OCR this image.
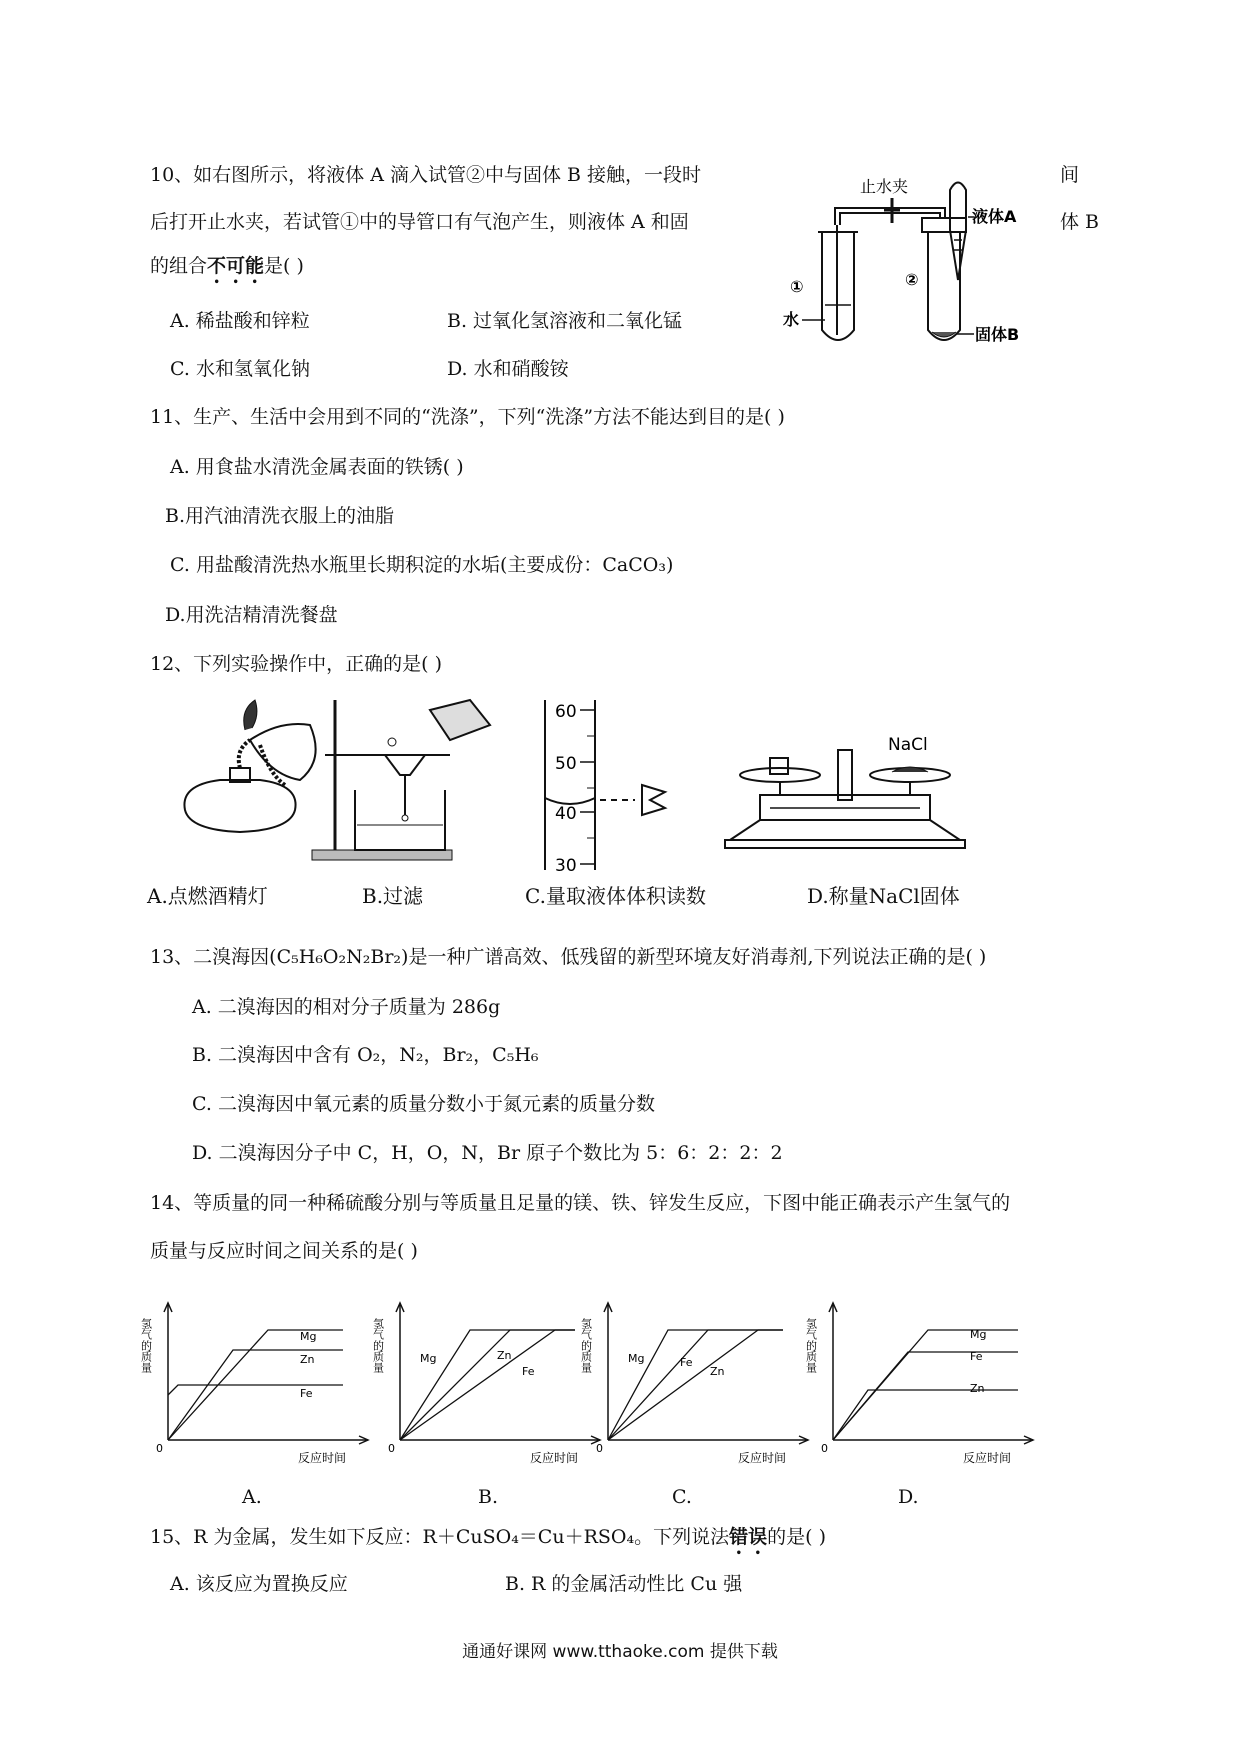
10、如右图所示，将液体 A 滴入试管②中与固体 B 接触，一段时	间
后打开止水夹，若试管①中的导管口有气泡产生，则液体 A 和固	体 B
的组合不可能是( )
A. 稀盐酸和锌粒	B. 过氧化氢溶液和二氧化锰
C. 水和氢氧化钠	D. 水和硝酸铵
止水夹
①
水
液体A
②
固体B
11、生产、生活中会用到不同的“洗涤”，下列“洗涤”方法不能达到目的是( )
A. 用食盐水清洗金属表面的铁锈( )
B.用汽油清洗衣服上的油脂
C. 用盐酸清洗热水瓶里长期积淀的水垢(主要成份：CaCO₃)
D.用洗洁精清洗餐盘
12、下列实验操作中，正确的是( )
60
50
40
30
NaCl
A.点燃酒精灯	B.过滤	C.量取液体体积读数	D.称量NaCl固体
13、二溴海因(C₅H₆O₂N₂Br₂)是一种广谱高效、低残留的新型环境友好消毒剂,下列说法正确的是( )
A. 二溴海因的相对分子质量为 286g
B. 二溴海因中含有 O₂，N₂，Br₂，C₅H₆
C. 二溴海因中氧元素的质量分数小于氮元素的质量分数
D. 二溴海因分子中 C，H，O，N，Br 原子个数比为 5：6：2：2：2
14、等质量的同一种稀硫酸分别与等质量且足量的镁、铁、锌发生反应，下图中能正确表示产生氢气的
质量与反应时间之间关系的是( )
氢气的质量
0
反应时间
Mg
Zn
Fe
氢气的质量
0
反应时间
Mg	Zn
Fe	氢气的质量
0
反应时间
Mg	Fe
Zn	氢气的质量
0
反应时间
Mg
Fe
Zn
A.	B.	C.	D.
15、R 为金属，发生如下反应：R＋CuSO₄＝Cu＋RSO₄。下列说法错误的是( )
A. 该反应为置换反应	B. R 的金属活动性比 Cu 强
通通好课网 www.tthaoke.com 提供下载
